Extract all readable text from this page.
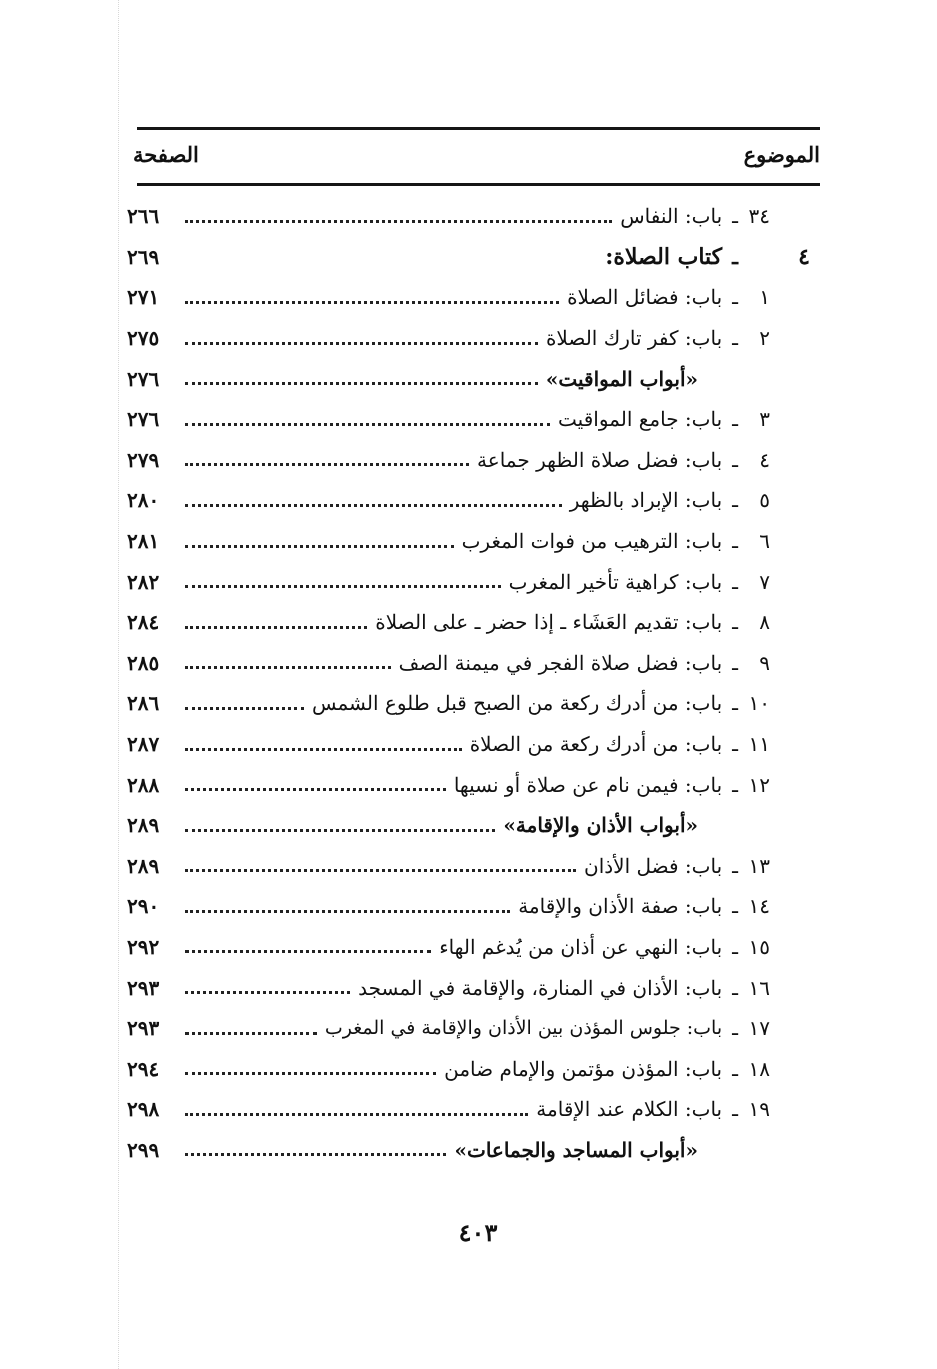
الموضوع
الصفحة
٣٤
ـ
باب: النفاس
٢٦٦
٤
ـ
كتاب الصلاة:
٢٦٩
١
ـ
باب: فضائل الصلاة
٢٧١
٢
ـ
باب: كفر تارك الصلاة
٢٧٥
«أبواب المواقيت»
٢٧٦
٣
ـ
باب: جامع المواقيت
٢٧٦
٤
ـ
باب: فضل صلاة الظهر جماعة
٢٧٩
٥
ـ
باب: الإبراد بالظهر
٢٨٠
٦
ـ
باب: الترهيب من فوات المغرب
٢٨١
٧
ـ
باب: كراهية تأخير المغرب
٢٨٢
٨
ـ
باب: تقديم العَشَاء ـ إذا حضر ـ على الصلاة
٢٨٤
٩
ـ
باب: فضل صلاة الفجر في ميمنة الصف
٢٨٥
١٠
ـ
باب: من أدرك ركعة من الصبح قبل طلوع الشمس
٢٨٦
١١
ـ
باب: من أدرك ركعة من الصلاة
٢٨٧
١٢
ـ
باب: فيمن نام عن صلاة أو نسيها
٢٨٨
«أبواب الأذان والإقامة»
٢٨٩
١٣
ـ
باب: فضل الأذان
٢٨٩
١٤
ـ
باب: صفة الأذان والإقامة
٢٩٠
١٥
ـ
باب: النهي عن أذان من يُدغم الهاء
٢٩٢
١٦
ـ
باب: الأذان في المنارة، والإقامة في المسجد
٢٩٣
١٧
ـ
باب: جلوس المؤذن بين الأذان والإقامة في المغرب
٢٩٣
١٨
ـ
باب: المؤذن مؤتمن والإمام ضامن
٢٩٤
١٩
ـ
باب: الكلام عند الإقامة
٢٩٨
«أبواب المساجد والجماعات»
٢٩٩
٤٠٣
